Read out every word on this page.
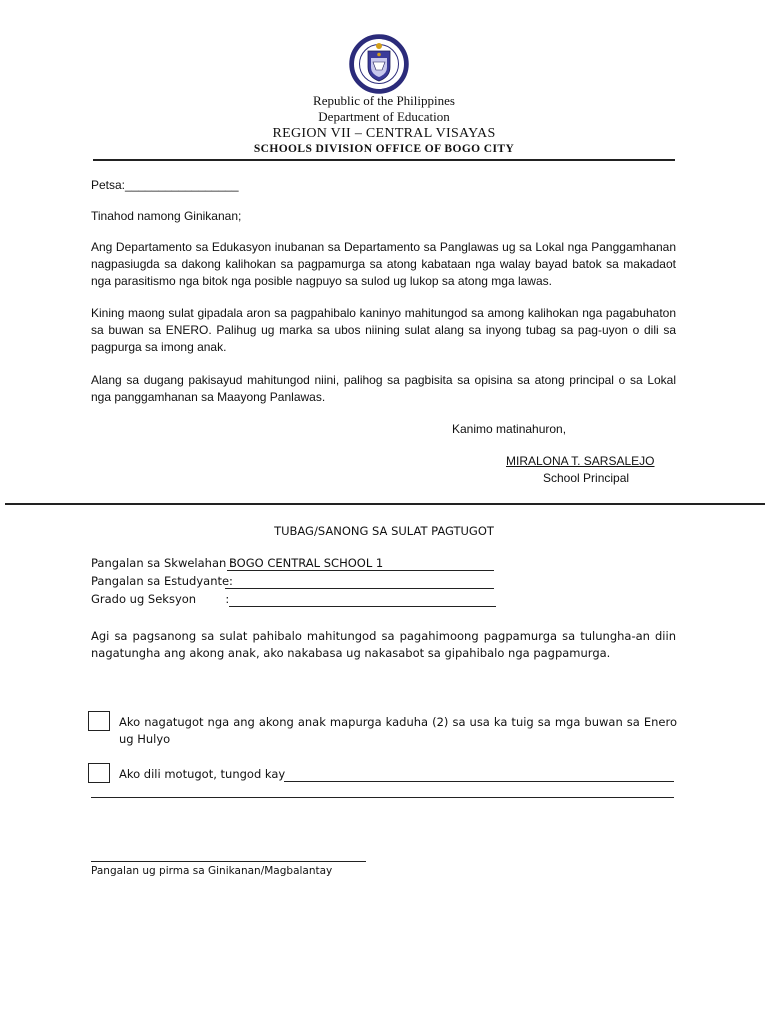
Republic of the Philippines
Department of Education
REGION VII – CENTRAL VISAYAS
SCHOOLS DIVISION OFFICE OF BOGO CITY
Petsa:_________________
Tinahod namong Ginikanan;
Ang Departamento sa Edukasyon inubanan sa Departamento sa Panglawas ug sa Lokal nga Panggamhanan nagpasiugda sa dakong kalihokan sa pagpamurga sa atong kabataan nga walay bayad batok sa makadaot nga parasitismo nga bitok nga posible nagpuyo sa sulod ug lukop sa atong mga lawas.
Kining maong sulat gipadala aron sa pagpahibalo kaninyo mahitungod sa among kalihokan nga pagabuhaton sa buwan sa ENERO. Palihug ug marka sa ubos niining sulat alang sa inyong tubag sa pag-uyon o dili sa pagpurga sa imong anak.
Alang sa dugang pakisayud mahitungod niini, palihog sa pagbisita sa opisina sa atong principal o sa Lokal nga panggamhanan sa Maayong Panlawas.
Kanimo matinahuron,
MIRALONA T. SARSALEJO
School Principal
TUBAG/SANONG SA SULAT PAGTUGOT
Pangalan sa Skwelahan :
BOGO CENTRAL SCHOOL 1
Pangalan sa Estudyante:
Grado ug Seksyon        :
Agi sa pagsanong sa sulat pahibalo mahitungod sa pagahimoong pagpamurga sa tulungha-an diin nagatungha ang akong anak, ako nakabasa ug nakasabot sa gipahibalo nga pagpamurga.
Ako nagatugot nga ang akong anak mapurga kaduha (2) sa usa ka tuig sa mga buwan sa Enero ug Hulyo
Ako dili motugot, tungod kay
Pangalan ug pirma sa Ginikanan/Magbalantay
